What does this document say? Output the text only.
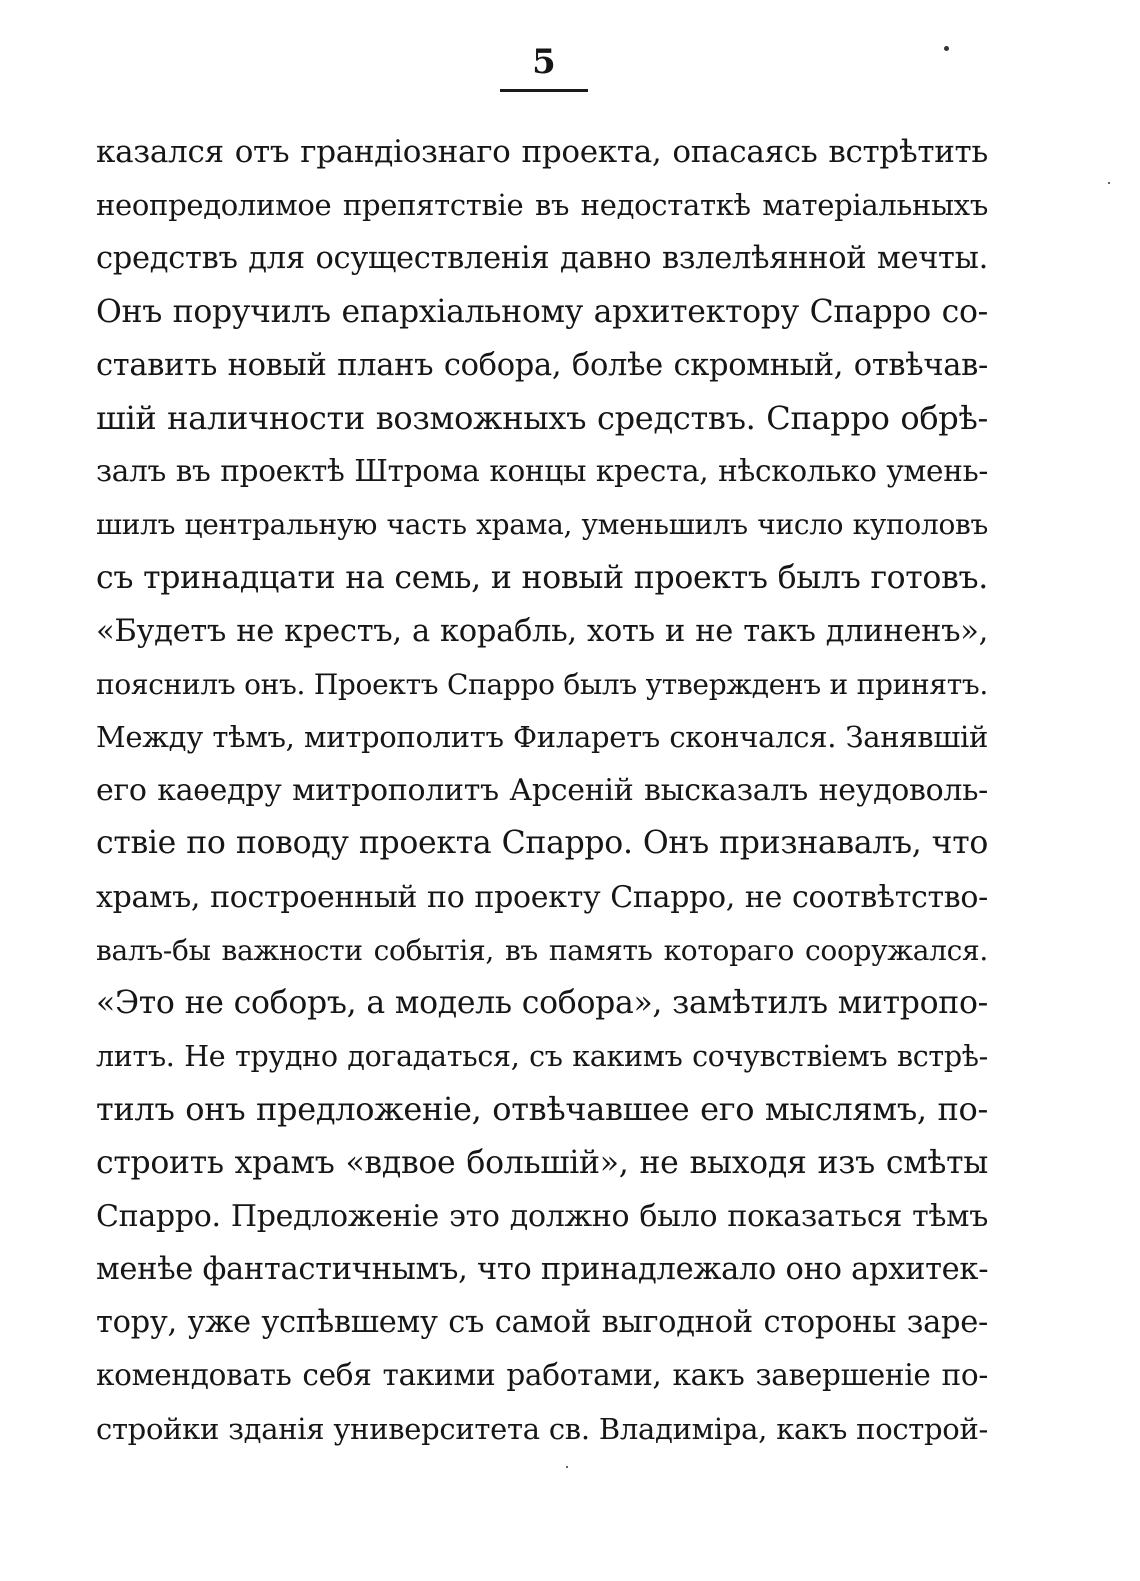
5
казался отъ грандіознаго проекта, опасаясь встрѣтить
неопредолимое препятствіе въ недостаткѣ матеріальныхъ
средствъ для осуществленія давно взлелѣянной мечты.
Онъ поручилъ епархіальному архитектору Спарро со-
ставить новый планъ собора, болѣе скромный, отвѣчав-
шій наличности возможныхъ средствъ. Спарро обрѣ-
залъ въ проектѣ Штрома концы креста, нѣсколько умень-
шилъ центральную часть храма, уменьшилъ число куполовъ
съ тринадцати на семь, и новый проектъ былъ готовъ.
«Будетъ не крестъ, а корабль, хоть и не такъ длиненъ»,
пояснилъ онъ. Проектъ Спарро былъ утвержденъ и принятъ.
Между тѣмъ, митрополитъ Филаретъ скончался. Занявшій
его каѳедру митрополитъ Арсеній высказалъ неудоволь-
ствіе по поводу проекта Спарро. Онъ признавалъ, что
храмъ, построенный по проекту Спарро, не соотвѣтство-
валъ-бы важности событія, въ память котораго сооружался.
«Это не соборъ, а модель собора», замѣтилъ митропо-
литъ. Не трудно догадаться, съ какимъ сочувствіемъ встрѣ-
тилъ онъ предложеніе, отвѣчавшее его мыслямъ, по-
строить храмъ «вдвое большій», не выходя изъ смѣты
Спарро. Предложеніе это должно было показаться тѣмъ
менѣе фантастичнымъ, что принадлежало оно архитек-
тору, уже успѣвшему съ самой выгодной стороны заре-
комендовать себя такими работами, какъ завершеніе по-
стройки зданія университета св. Владиміра, какъ построй-
